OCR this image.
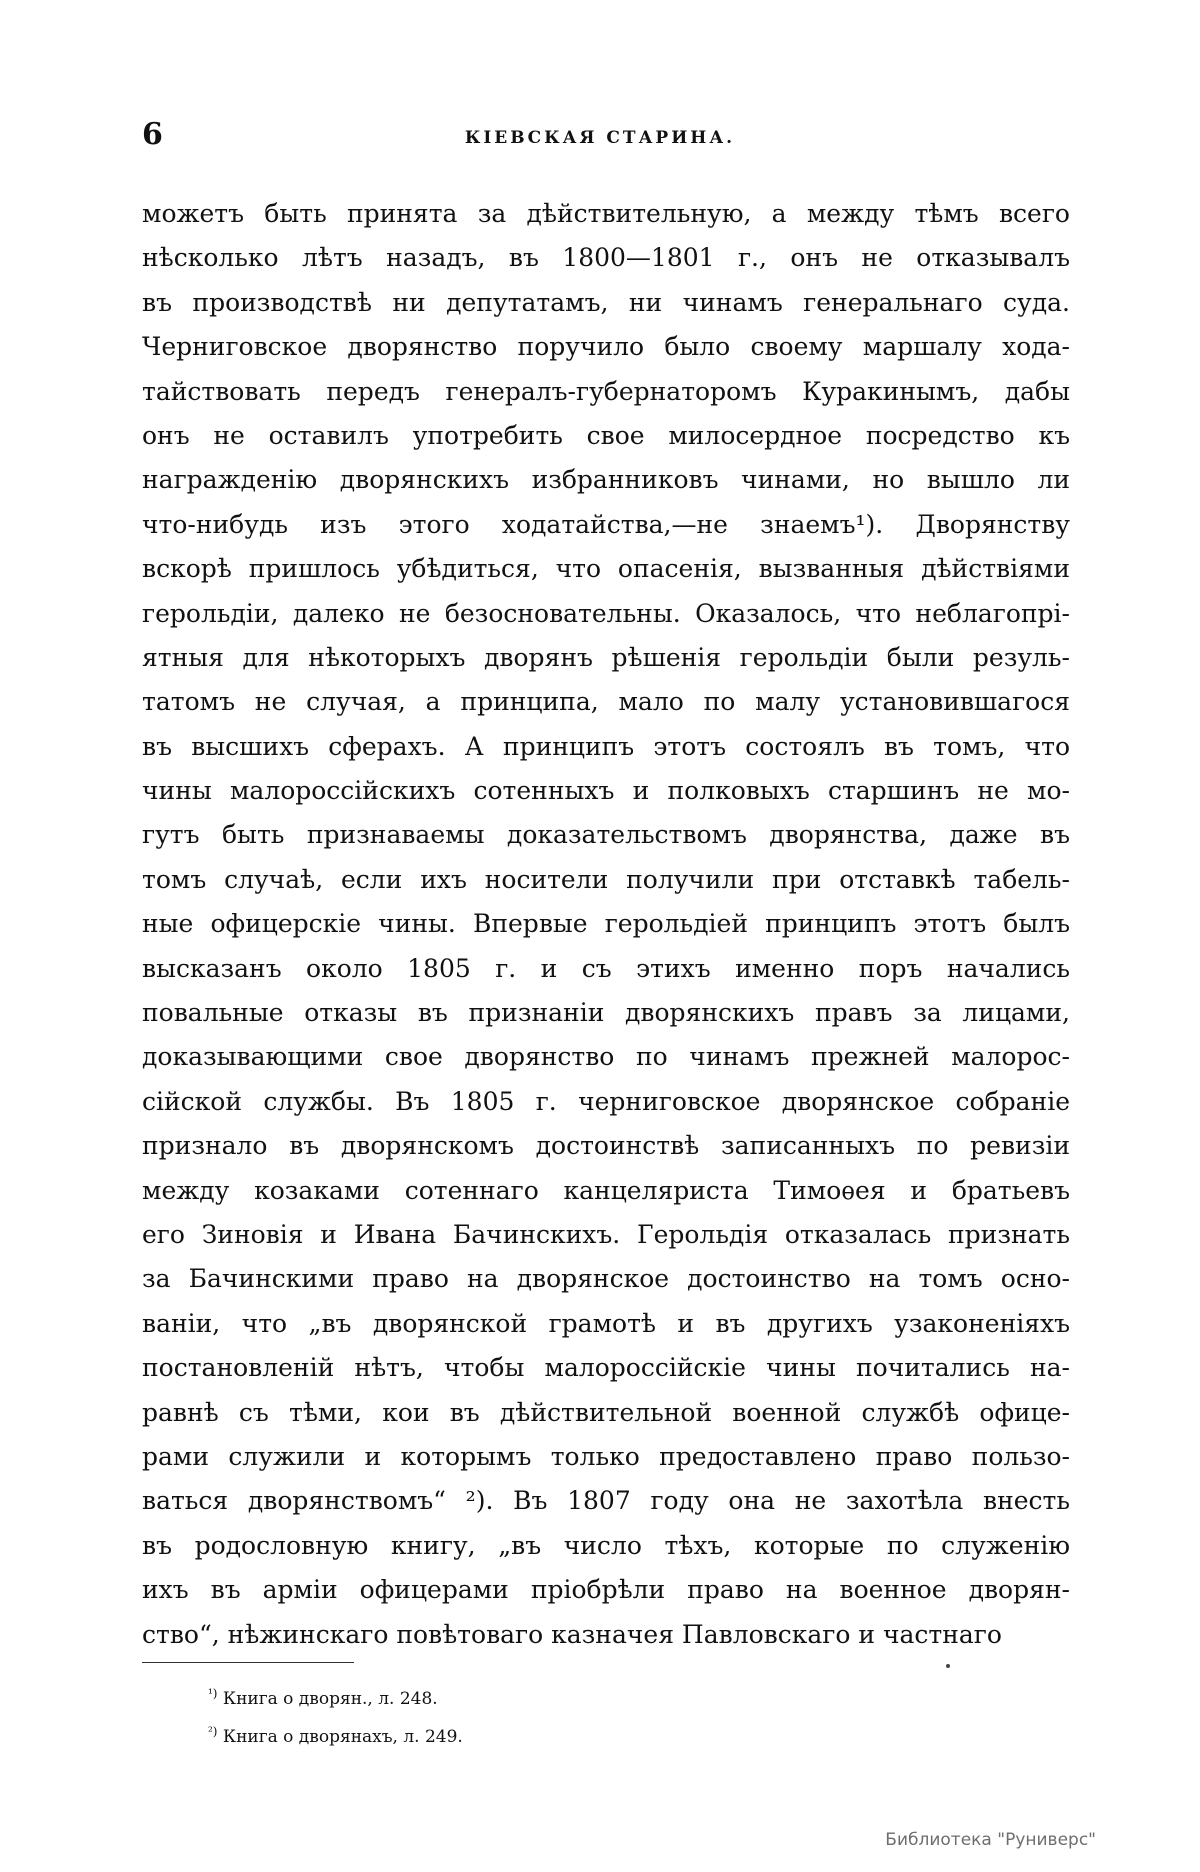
6	КІЕВСКАЯ СТАРИНА.
можетъ быть принята за дѣйствительную, а между тѣмъ всего
нѣсколько лѣтъ назадъ, въ 1800—1801 г., онъ не отказывалъ
въ производствѣ ни депутатамъ, ни чинамъ генеральнаго суда.
Черниговское дворянство поручило было своему маршалу хода-
тайствовать передъ генералъ-губернаторомъ Куракинымъ, дабы
онъ не оставилъ употребить свое милосердное посредство къ
награжденію дворянскихъ избранниковъ чинами, но вышло ли
что-нибудь изъ этого ходатайства,—не знаемъ¹). Дворянству
вскорѣ пришлось убѣдиться, что опасенія, вызванныя дѣйствіями
герольдіи, далеко не безосновательны. Оказалось, что неблагопрі-
ятныя для нѣкоторыхъ дворянъ рѣшенія герольдіи были резуль-
татомъ не случая, а принципа, мало по малу установившагося
въ высшихъ сферахъ. А принципъ этотъ состоялъ въ томъ, что
чины малороссійскихъ сотенныхъ и полковыхъ старшинъ не мо-
гутъ быть признаваемы доказательствомъ дворянства, даже въ
томъ случаѣ, если ихъ носители получили при отставкѣ табель-
ные офицерскіе чины. Впервые герольдіей принципъ этотъ былъ
высказанъ около 1805 г. и съ этихъ именно поръ начались
повальные отказы въ признаніи дворянскихъ правъ за лицами,
доказывающими свое дворянство по чинамъ прежней малорос-
сійской службы. Въ 1805 г. черниговское дворянское собраніе
признало въ дворянскомъ достоинствѣ записанныхъ по ревизіи
между козаками сотеннаго канцеляриста Тимоѳея и братьевъ
его Зиновія и Ивана Бачинскихъ. Герольдія отказалась признать
за Бачинскими право на дворянское достоинство на томъ осно-
ваніи, что „въ дворянской грамотѣ и въ другихъ узаконеніяхъ
постановленій нѣтъ, чтобы малороссійскіе чины почитались на-
равнѣ съ тѣми, кои въ дѣйствительной военной службѣ офице-
рами служили и которымъ только предоставлено право пользо-
ваться дворянствомъ“ ²). Въ 1807 году она не захотѣла внесть
въ родословную книгу, „въ число тѣхъ, которые по служенію
ихъ въ арміи офицерами пріобрѣли право на военное дворян-
ство“, нѣжинскаго повѣтоваго казначея Павловскаго и частнаго
$^{^1)}$ Книга о дворян., л. 248.
$^{^2)}$ Книга о дворянахъ, л. 249.
Библиотека "Руниверс"
